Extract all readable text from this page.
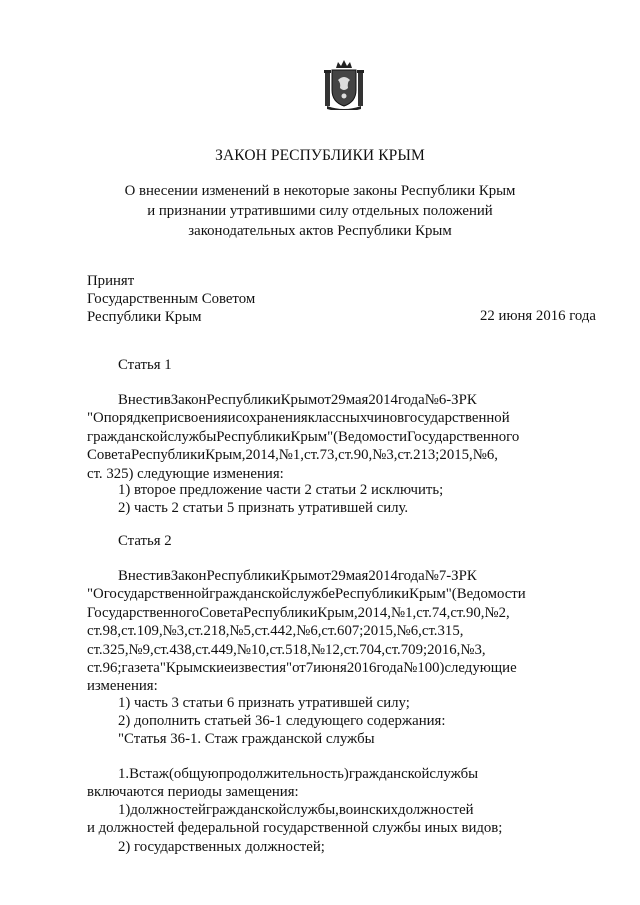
ЗАКОН РЕСПУБЛИКИ КРЫМ
О внесении изменений в некоторые законы Республики Крым
и признании утратившими силу отдельных положений
законодательных актов Республики Крым
Принят
Государственным Советом
Республики Крым	22 июня 2016 года
Статья 1
ВнестивЗаконРеспубликиКрымот29мая2014года№6-ЗРК
"Опорядкеприсвоенияисохраненияклассныхчиновгосударственной
гражданскойслужбыРеспубликиКрым"(ВедомостиГосударственного
СоветаРеспубликиКрым,2014,№1,ст.73,ст.90,№3,ст.213;2015,№6,
ст. 325) следующие изменения:
1) второе предложение части 2 статьи 2 исключить;
2) часть 2 статьи 5 признать утратившей силу.
Статья 2
ВнестивЗаконРеспубликиКрымот29мая2014года№7-ЗРК
"ОгосударственнойгражданскойслужбеРеспубликиКрым"(Ведомости
ГосударственногоСоветаРеспубликиКрым,2014,№1,ст.74,ст.90,№2,
ст.98,ст.109,№3,ст.218,№5,ст.442,№6,ст.607;2015,№6,ст.315,
ст.325,№9,ст.438,ст.449,№10,ст.518,№12,ст.704,ст.709;2016,№3,
ст.96;газета"Крымскиеизвестия"от7июня2016года№100)следующие
изменения:
1) часть 3 статьи 6 признать утратившей силу;
2) дополнить статьей 36-1 следующего содержания:
"Статья 36-1. Стаж гражданской службы
1.Встаж(общуюпродолжительность)гражданскойслужбы
включаются периоды замещения:
1)должностейгражданскойслужбы,воинскихдолжностей
и должностей федеральной государственной службы иных видов;
2) государственных должностей;
